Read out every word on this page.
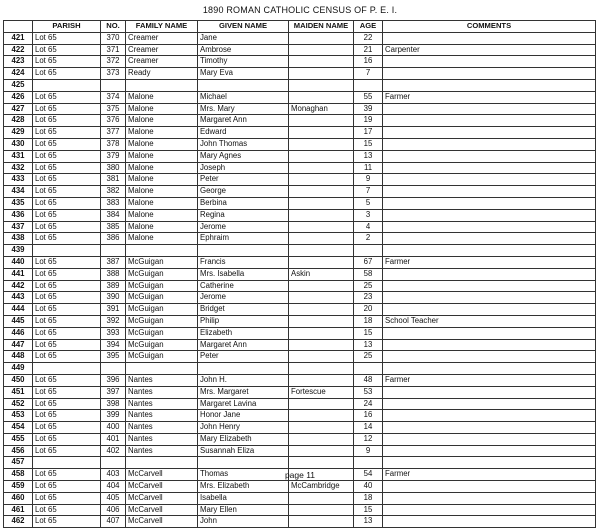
1890 ROMAN CATHOLIC CENSUS OF P. E. I.
	PARISH	NO.	FAMILY NAME	GIVEN NAME	MAIDEN NAME	AGE	COMMENTS
421	Lot 65	370	Creamer	Jane		22	
422	Lot 65	371	Creamer	Ambrose		21	Carpenter
423	Lot 65	372	Creamer	Timothy		16	
424	Lot 65	373	Ready	Mary Eva		7	
425							
426	Lot 65	374	Malone	Michael		55	Farmer
427	Lot 65	375	Malone	Mrs. Mary	Monaghan	39	
428	Lot 65	376	Malone	Margaret Ann		19	
429	Lot 65	377	Malone	Edward		17	
430	Lot 65	378	Malone	John Thomas		15	
431	Lot 65	379	Malone	Mary Agnes		13	
432	Lot 65	380	Malone	Joseph		11	
433	Lot 65	381	Malone	Peter		9	
434	Lot 65	382	Malone	George		7	
435	Lot 65	383	Malone	Berbina		5	
436	Lot 65	384	Malone	Regina		3	
437	Lot 65	385	Malone	Jerome		4	
438	Lot 65	386	Malone	Ephraim		2	
439							
440	Lot 65	387	McGuigan	Francis		67	Farmer
441	Lot 65	388	McGuigan	Mrs. Isabella	Askin	58	
442	Lot 65	389	McGuigan	Catherine		25	
443	Lot 65	390	McGuigan	Jerome		23	
444	Lot 65	391	McGuigan	Bridget		20	
445	Lot 65	392	McGuigan	Philip		18	School Teacher
446	Lot 65	393	McGuigan	Elizabeth		15	
447	Lot 65	394	McGuigan	Margaret Ann		13	
448	Lot 65	395	McGuigan	Peter		25	
449							
450	Lot 65	396	Nantes	John H.		48	Farmer
451	Lot 65	397	Nantes	Mrs. Margaret	Fortescue	53	
452	Lot 65	398	Nantes	Margaret Lavina		24	
453	Lot 65	399	Nantes	Honor Jane		16	
454	Lot 65	400	Nantes	John Henry		14	
455	Lot 65	401	Nantes	Mary Elizabeth		12	
456	Lot 65	402	Nantes	Susannah Eliza		9	
457							
458	Lot 65	403	McCarvell	Thomas		54	Farmer
459	Lot 65	404	McCarvell	Mrs. Elizabeth	McCambridge	40	
460	Lot 65	405	McCarvell	Isabella		18	
461	Lot 65	406	McCarvell	Mary Ellen		15	
462	Lot 65	407	McCarvell	John		13	
page 11
